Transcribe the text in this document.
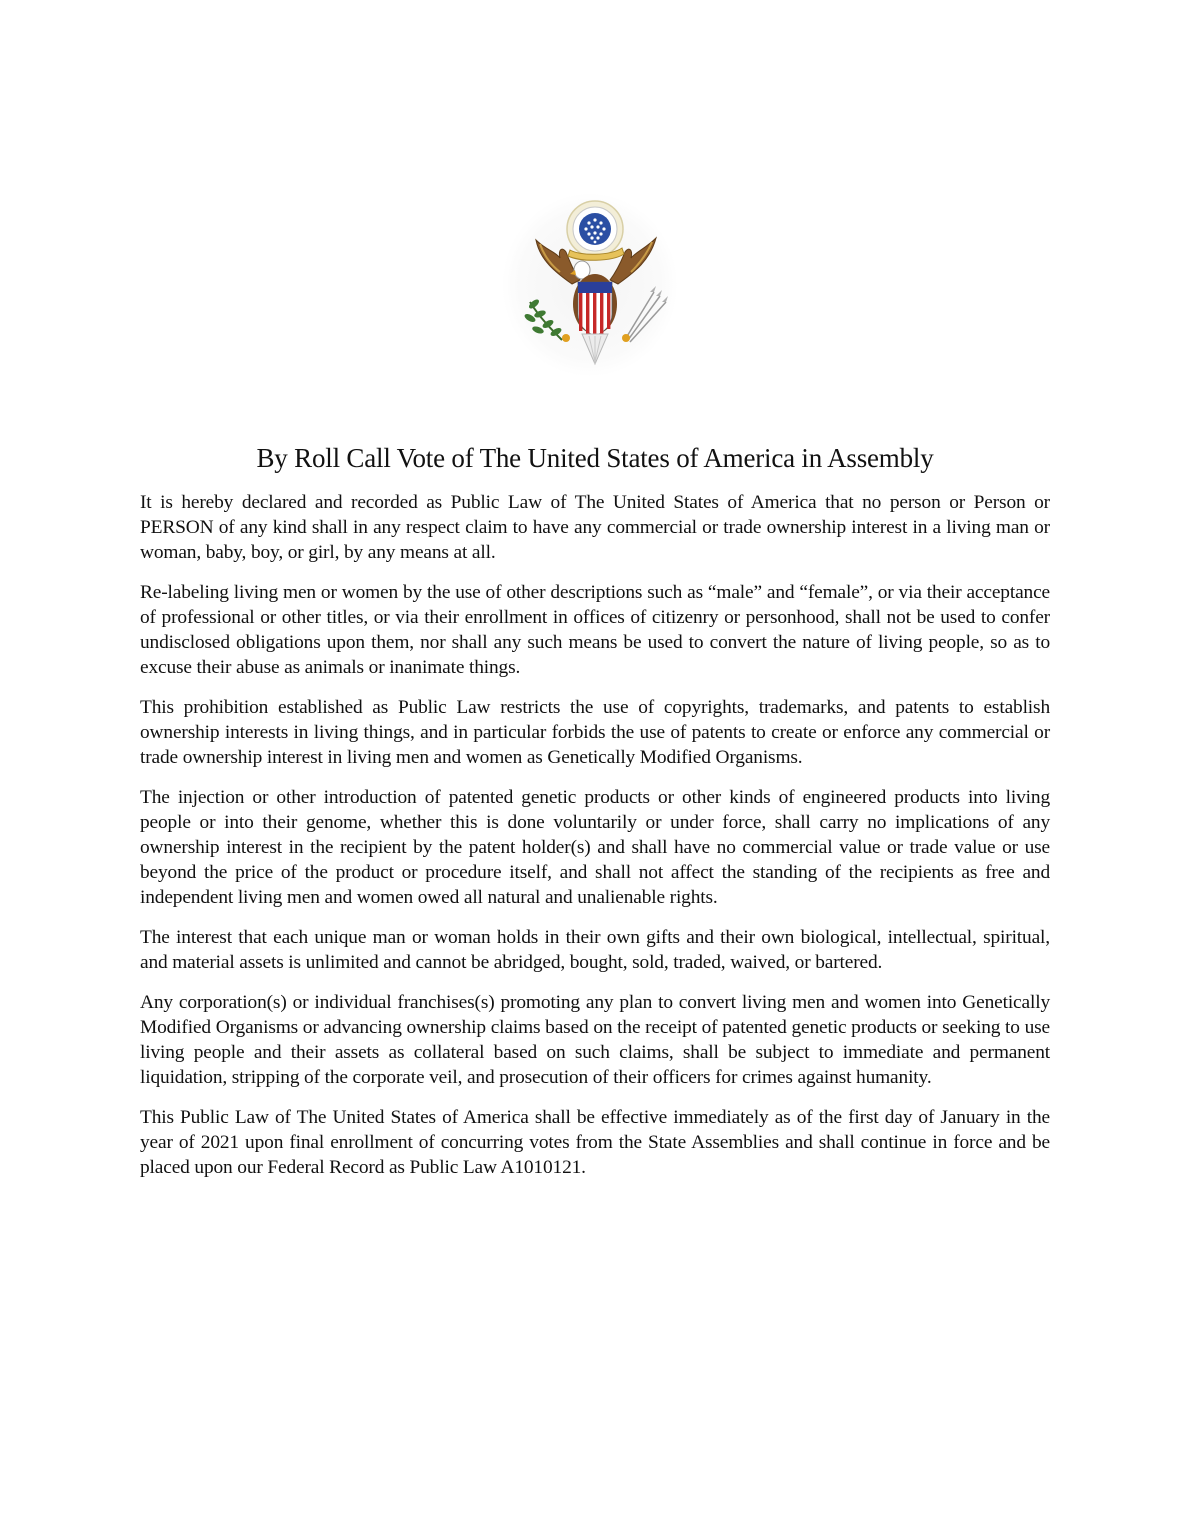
By Roll Call Vote of The United States of America in Assembly

It is hereby declared and recorded as Public Law of The United States of America that no person or Person or PERSON of any kind shall in any respect claim to have any commercial or trade ownership interest in a living man or woman, baby, boy, or girl, by any means at all.

Re-labeling living men or women by the use of other descriptions such as “male” and “female”, or via their acceptance of professional or other titles, or via their enrollment in offices of citizenry or personhood, shall not be used to confer undisclosed obligations upon them, nor shall any such means be used to convert the nature of living people, so as to excuse their abuse as animals or inanimate things.

This prohibition established as Public Law restricts the use of copyrights, trademarks, and patents to establish ownership interests in living things, and in particular forbids the use of patents to create or enforce any commercial or trade ownership interest in living men and women as Genetically Modified Organisms.

The injection or other introduction of patented genetic products or other kinds of engineered products into living people or into their genome, whether this is done voluntarily or under force, shall carry no implications of any ownership interest in the recipient by the patent holder(s) and shall have no commercial value or trade value or use beyond the price of the product or procedure itself, and shall not affect the standing of the recipients as free and independent living men and women owed all natural and unalienable rights.

The interest that each unique man or woman holds in their own gifts and their own biological, intellectual, spiritual, and material assets is unlimited and cannot be abridged, bought, sold, traded, waived, or bartered.

Any corporation(s) or individual franchises(s) promoting any plan to convert living men and women into Genetically Modified Organisms or advancing ownership claims based on the receipt of patented genetic products or seeking to use living people and their assets as collateral based on such claims, shall be subject to immediate and permanent liquidation, stripping of the corporate veil, and prosecution of their officers for crimes against humanity.

This Public Law of The United States of America shall be effective immediately as of the first day of January in the year of 2021 upon final enrollment of concurring votes from the State Assemblies and shall continue in force and be placed upon our Federal Record as Public Law A1010121.
